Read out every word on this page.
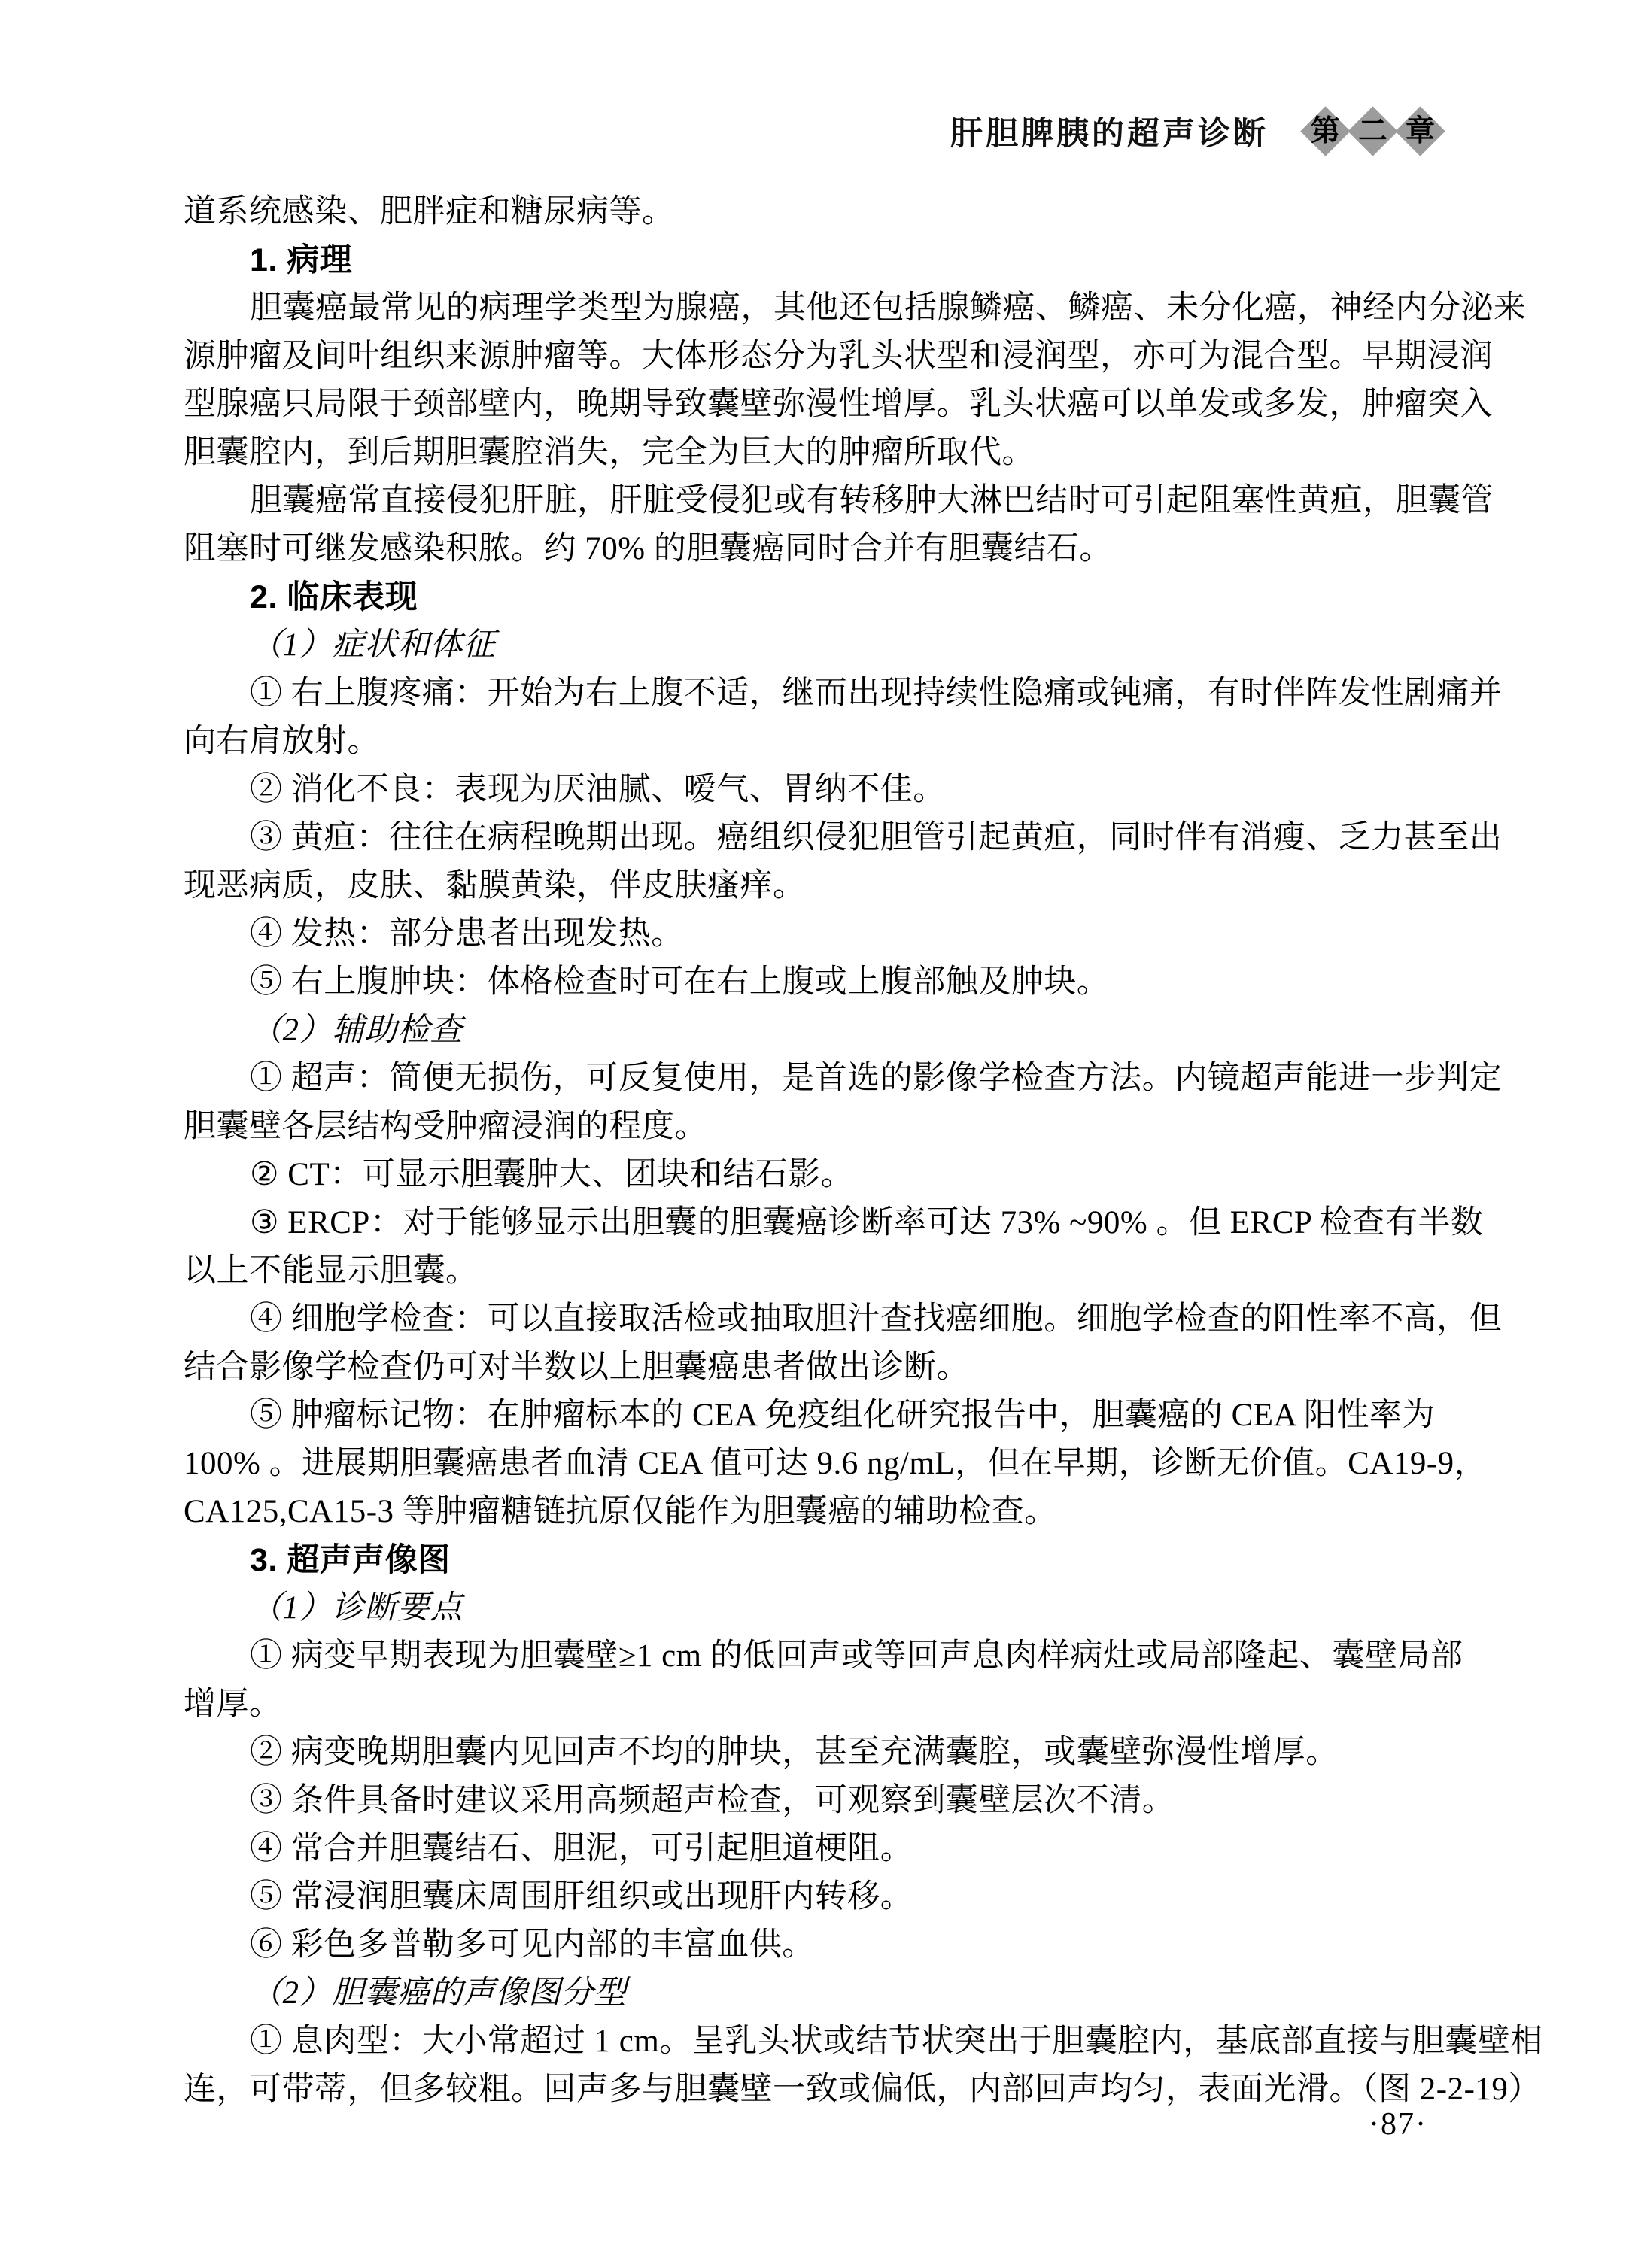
肝胆脾胰的超声诊断 第 二 章
道系统感染、肥胖症和糖尿病等。
1. 病理
胆囊癌最常见的病理学类型为腺癌，其他还包括腺鳞癌、鳞癌、未分化癌，神经内分泌来
源肿瘤及间叶组织来源肿瘤等。大体形态分为乳头状型和浸润型，亦可为混合型。早期浸润
型腺癌只局限于颈部壁内，晚期导致囊壁弥漫性增厚。乳头状癌可以单发或多发，肿瘤突入
胆囊腔内，到后期胆囊腔消失，完全为巨大的肿瘤所取代。
胆囊癌常直接侵犯肝脏，肝脏受侵犯或有转移肿大淋巴结时可引起阻塞性黄疸，胆囊管
阻塞时可继发感染积脓。约 70% 的胆囊癌同时合并有胆囊结石。
2. 临床表现
（1）症状和体征
① 右上腹疼痛：开始为右上腹不适，继而出现持续性隐痛或钝痛，有时伴阵发性剧痛并
向右肩放射。
② 消化不良：表现为厌油腻、嗳气、胃纳不佳。
③ 黄疸：往往在病程晚期出现。癌组织侵犯胆管引起黄疸，同时伴有消瘦、乏力甚至出
现恶病质，皮肤、黏膜黄染，伴皮肤瘙痒。
④ 发热：部分患者出现发热。
⑤ 右上腹肿块：体格检查时可在右上腹或上腹部触及肿块。
（2）辅助检查
① 超声：简便无损伤，可反复使用，是首选的影像学检查方法。内镜超声能进一步判定
胆囊壁各层结构受肿瘤浸润的程度。
② CT：可显示胆囊肿大、团块和结石影。
③ ERCP：对于能够显示出胆囊的胆囊癌诊断率可达 73% ~90% 。但 ERCP 检查有半数
以上不能显示胆囊。
④ 细胞学检查：可以直接取活检或抽取胆汁查找癌细胞。细胞学检查的阳性率不高，但
结合影像学检查仍可对半数以上胆囊癌患者做出诊断。
⑤ 肿瘤标记物：在肿瘤标本的 CEA 免疫组化研究报告中，胆囊癌的 CEA 阳性率为
100% 。进展期胆囊癌患者血清 CEA 值可达 9.6 ng/mL，但在早期，诊断无价值。CA19-9，
CA125,CA15-3 等肿瘤糖链抗原仅能作为胆囊癌的辅助检查。
3. 超声声像图
（1）诊断要点
① 病变早期表现为胆囊壁≥1 cm 的低回声或等回声息肉样病灶或局部隆起、囊壁局部
增厚。
② 病变晚期胆囊内见回声不均的肿块，甚至充满囊腔，或囊壁弥漫性增厚。
③ 条件具备时建议采用高频超声检查，可观察到囊壁层次不清。
④ 常合并胆囊结石、胆泥，可引起胆道梗阻。
⑤ 常浸润胆囊床周围肝组织或出现肝内转移。
⑥ 彩色多普勒多可见内部的丰富血供。
（2）胆囊癌的声像图分型
① 息肉型：大小常超过 1 cm。呈乳头状或结节状突出于胆囊腔内，基底部直接与胆囊壁相
连，可带蒂，但多较粗。回声多与胆囊壁一致或偏低，内部回声均匀，表面光滑。（图 2-2-19）
·87·
